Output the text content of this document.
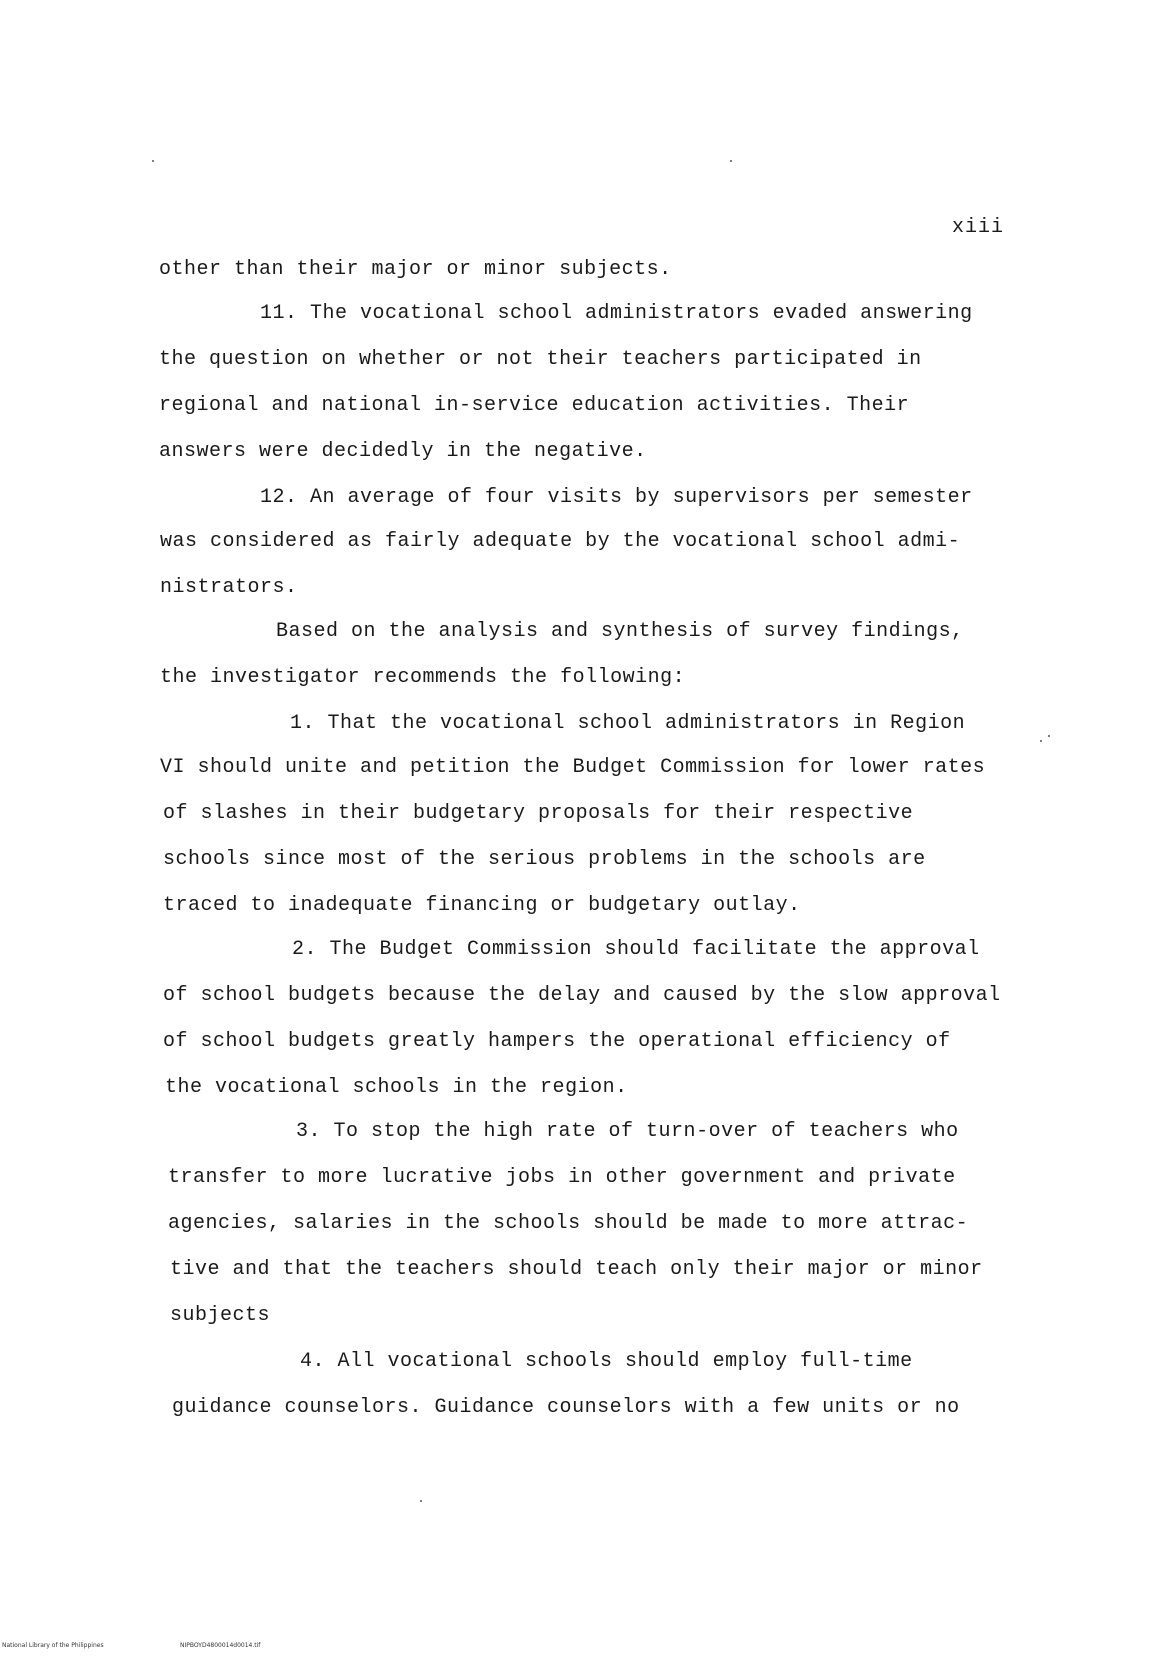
xiii
other than their major or minor subjects.
11. The vocational school administrators evaded answering
the question on whether or not their teachers participated in
regional and national in-service education activities. Their
answers were decidedly in the negative.
12. An average of four visits by supervisors per semester
was considered as fairly adequate by the vocational school admi-
nistrators.
Based on the analysis and synthesis of survey findings,
the investigator recommends the following:
1. That the vocational school administrators in Region
VI should unite and petition the Budget Commission for lower rates
of slashes in their budgetary proposals for their respective
schools since most of the serious problems in the schools are
traced to inadequate financing or budgetary outlay.
2. The Budget Commission should facilitate the approval
of school budgets because the delay and caused by the slow approval
of school budgets greatly hampers the operational efficiency of
the vocational schools in the region.
3. To stop the high rate of turn-over of teachers who
transfer to more lucrative jobs in other government and private
agencies, salaries in the schools should be made to more attrac-
tive and that the teachers should teach only their major or minor
subjects
4. All vocational schools should employ full-time
guidance counselors. Guidance counselors with a few units or no
National Library of the Philippines	NIPBOYD4800014d0014.tif
